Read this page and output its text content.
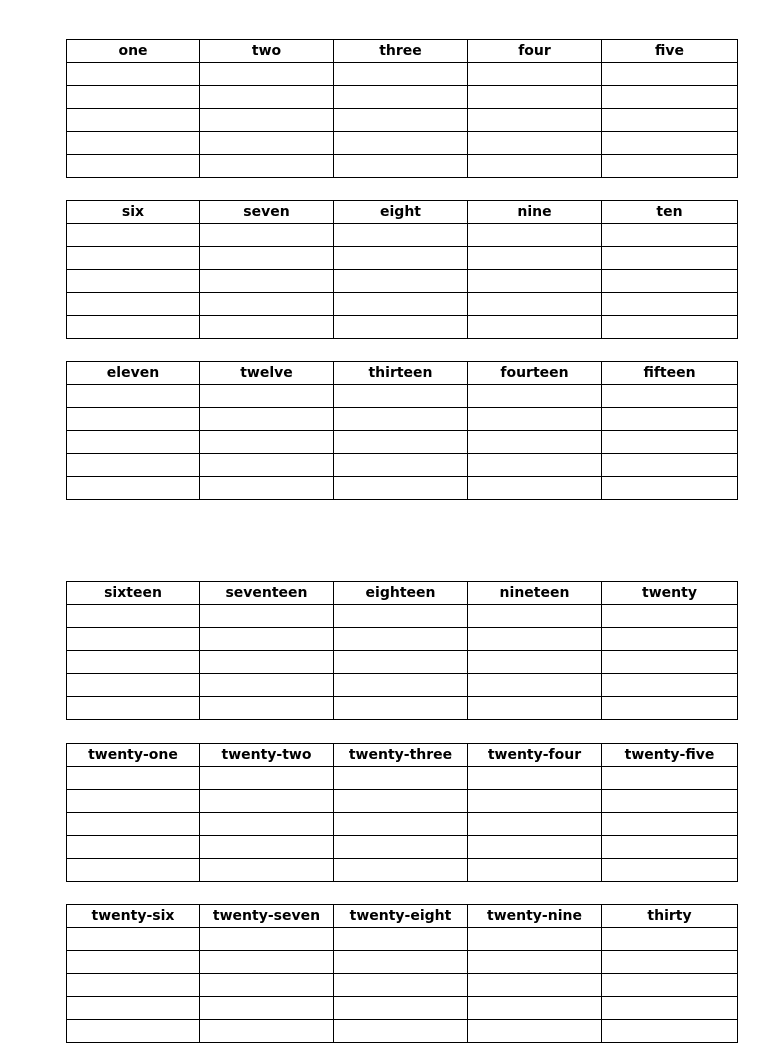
one	two	three	four	five

six	seven	eight	nine	ten

eleven	twelve	thirteen	fourteen	fifteen

sixteen	seventeen	eighteen	nineteen	twenty

twenty-one	twenty-two	twenty-three	twenty-four	twenty-five

twenty-six	twenty-seven	twenty-eight	twenty-nine	thirty
